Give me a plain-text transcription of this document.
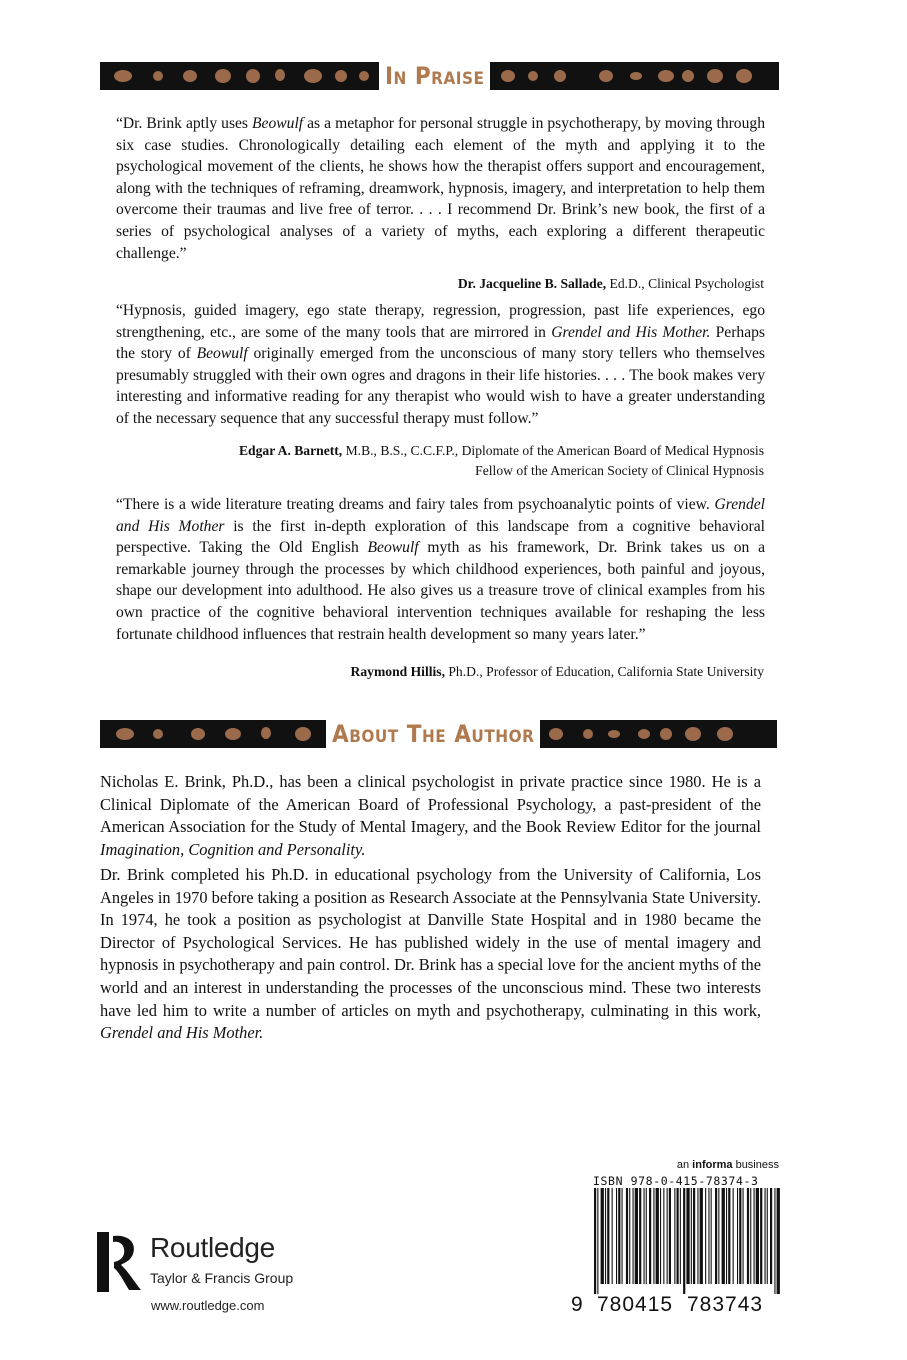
In Praise

“Dr. Brink aptly uses Beowulf as a metaphor for personal struggle in psychotherapy, by moving through six case studies. Chronologically detailing each element of the myth and applying it to the psychological movement of the clients, he shows how the therapist offers support and encouragement, along with the techniques of reframing, dreamwork, hypnosis, imagery, and interpretation to help them overcome their traumas and live free of terror. . . . I recommend Dr. Brink’s new book, the first of a series of psychological analyses of a variety of myths, each exploring a different therapeutic challenge.”

Dr. Jacqueline B. Sallade, Ed.D., Clinical Psychologist

“Hypnosis, guided imagery, ego state therapy, regression, progression, past life experiences, ego strengthening, etc., are some of the many tools that are mirrored in Grendel and His Mother. Perhaps the story of Beowulf originally emerged from the unconscious of many story tellers who themselves presumably struggled with their own ogres and dragons in their life histories. . . . The book makes very interesting and informative reading for any therapist who would wish to have a greater understanding of the necessary sequence that any successful therapy must follow.”

Edgar A. Barnett, M.B., B.S., C.C.F.P., Diplomate of the American Board of Medical Hypnosis
Fellow of the American Society of Clinical Hypnosis

“There is a wide literature treating dreams and fairy tales from psychoanalytic points of view. Grendel and His Mother is the first in-depth exploration of this landscape from a cognitive behavioral perspective. Taking the Old English Beowulf myth as his framework, Dr. Brink takes us on a remarkable journey through the processes by which childhood experiences, both painful and joyous, shape our development into adulthood. He also gives us a treasure trove of clinical examples from his own practice of the cognitive behavioral intervention techniques available for reshaping the less fortunate childhood influences that restrain health development so many years later.”

Raymond Hillis, Ph.D., Professor of Education, California State University
About The Author

Nicholas E. Brink, Ph.D., has been a clinical psychologist in private practice since 1980. He is a Clinical Diplomate of the American Board of Professional Psychology, a past-president of the American Association for the Study of Mental Imagery, and the Book Review Editor for the journal Imagination, Cognition and Personality.

Dr. Brink completed his Ph.D. in educational psychology from the University of California, Los Angeles in 1970 before taking a position as Research Associate at the Pennsylvania State University. In 1974, he took a position as psychologist at Danville State Hospital and in 1980 became the Director of Psychological Services. He has published widely in the use of mental imagery and hypnosis in psychotherapy and pain control. Dr. Brink has a special love for the ancient myths of the world and an interest in understanding the processes of the unconscious mind. These two interests have led him to write a number of articles on myth and psychotherapy, culminating in this work, Grendel and His Mother.

Routledge
Taylor & Francis Group
www.routledge.com
an informa business
ISBN 978-0-415-78374-3
9 780415 783743
